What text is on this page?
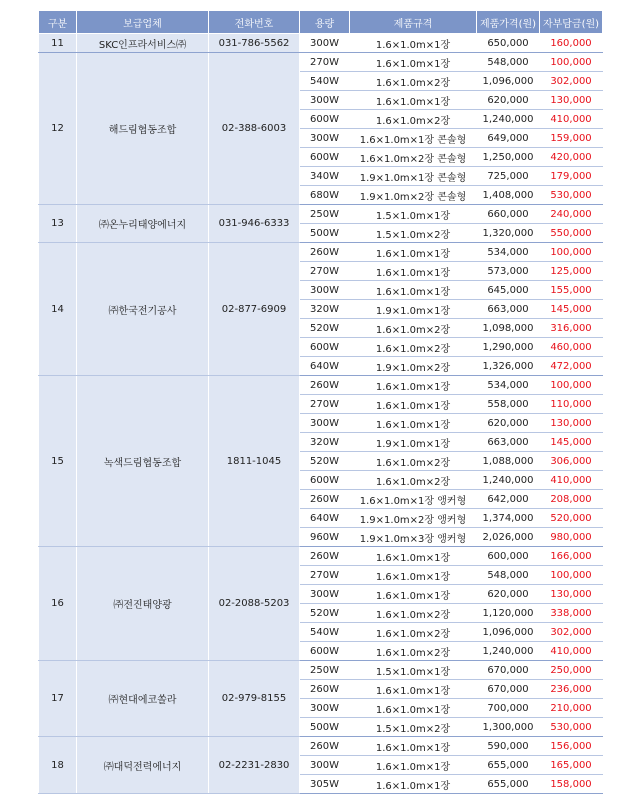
구분	보급업체	전화번호	용량	제품규격	제품가격(원)	자부담금(원)
11	SKC인프라서비스㈜	031-786-5562	300W	1.6×1.0m×1장	650,000	160,000
12	해드림협동조합	02-388-6003	270W	1.6×1.0m×1장	548,000	100,000
			540W	1.6×1.0m×2장	1,096,000	302,000
			300W	1.6×1.0m×1장	620,000	130,000
			600W	1.6×1.0m×2장	1,240,000	410,000
			300W	1.6×1.0m×1장 콘솔형	649,000	159,000
			600W	1.6×1.0m×2장 콘솔형	1,250,000	420,000
			340W	1.9×1.0m×1장 콘솔형	725,000	179,000
			680W	1.9×1.0m×2장 콘솔형	1,408,000	530,000
13	㈜온누리태양에너지	031-946-6333	250W	1.5×1.0m×1장	660,000	240,000
			500W	1.5×1.0m×2장	1,320,000	550,000
14	㈜한국전기공사	02-877-6909	260W	1.6×1.0m×1장	534,000	100,000
			270W	1.6×1.0m×1장	573,000	125,000
			300W	1.6×1.0m×1장	645,000	155,000
			320W	1.9×1.0m×1장	663,000	145,000
			520W	1.6×1.0m×2장	1,098,000	316,000
			600W	1.6×1.0m×2장	1,290,000	460,000
			640W	1.9×1.0m×2장	1,326,000	472,000
15	녹색드림협동조합	1811-1045	260W	1.6×1.0m×1장	534,000	100,000
			270W	1.6×1.0m×1장	558,000	110,000
			300W	1.6×1.0m×1장	620,000	130,000
			320W	1.9×1.0m×1장	663,000	145,000
			520W	1.6×1.0m×2장	1,088,000	306,000
			600W	1.6×1.0m×2장	1,240,000	410,000
			260W	1.6×1.0m×1장 앵커형	642,000	208,000
			640W	1.9×1.0m×2장 앵커형	1,374,000	520,000
			960W	1.9×1.0m×3장 앵커형	2,026,000	980,000
16	㈜전진태양광	02-2088-5203	260W	1.6×1.0m×1장	600,000	166,000
			270W	1.6×1.0m×1장	548,000	100,000
			300W	1.6×1.0m×1장	620,000	130,000
			520W	1.6×1.0m×2장	1,120,000	338,000
			540W	1.6×1.0m×2장	1,096,000	302,000
			600W	1.6×1.0m×2장	1,240,000	410,000
17	㈜현대에코쏠라	02-979-8155	250W	1.5×1.0m×1장	670,000	250,000
			260W	1.6×1.0m×1장	670,000	236,000
			300W	1.6×1.0m×1장	700,000	210,000
			500W	1.5×1.0m×2장	1,300,000	530,000
18	㈜대덕전력에너지	02-2231-2830	260W	1.6×1.0m×1장	590,000	156,000
			300W	1.6×1.0m×1장	655,000	165,000
			305W	1.6×1.0m×1장	655,000	158,000
